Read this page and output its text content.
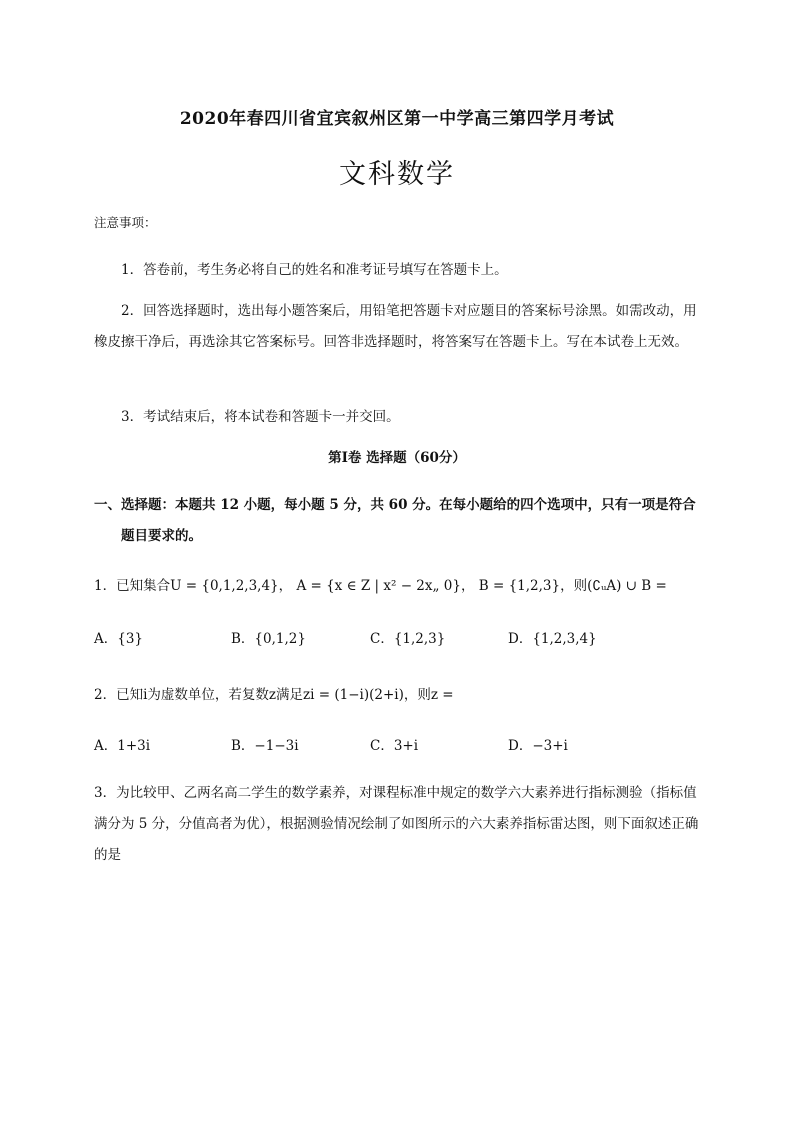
2020年春四川省宜宾叙州区第一中学高三第四学月考试
文科数学
注意事项：
1．答卷前，考生务必将自己的姓名和准考证号填写在答题卡上。
2．回答选择题时，选出每小题答案后，用铅笔把答题卡对应题目的答案标号涂黑。如需改动，用橡皮擦干净后，再选涂其它答案标号。回答非选择题时，将答案写在答题卡上。写在本试卷上无效。
3．考试结束后，将本试卷和答题卡一并交回。
第Ⅰ卷 选择题（60分）
一、选择题：本题共 12 小题，每小题 5 分，共 60 分。在每小题给的四个选项中，只有一项是符合
题目要求的。
1．已知集合U = {0,1,2,3,4}， A = {x ∈ Z | x² − 2x„ 0}， B = {1,2,3}，则(∁ᵤA) ∪ B =
A．{3}	B．{0,1,2}	C．{1,2,3}	D．{1,2,3,4}
2．已知i为虚数单位，若复数z满足zi = (1−i)(2+i)，则z =
A．1+3i	B．−1−3i	C．3+i	D．−3+i
3．为比较甲、乙两名高二学生的数学素养，对课程标准中规定的数学六大素养进行指标测验（指标值满分为 5 分，分值高者为优），根据测验情况绘制了如图所示的六大素养指标雷达图，则下面叙述正确的是
